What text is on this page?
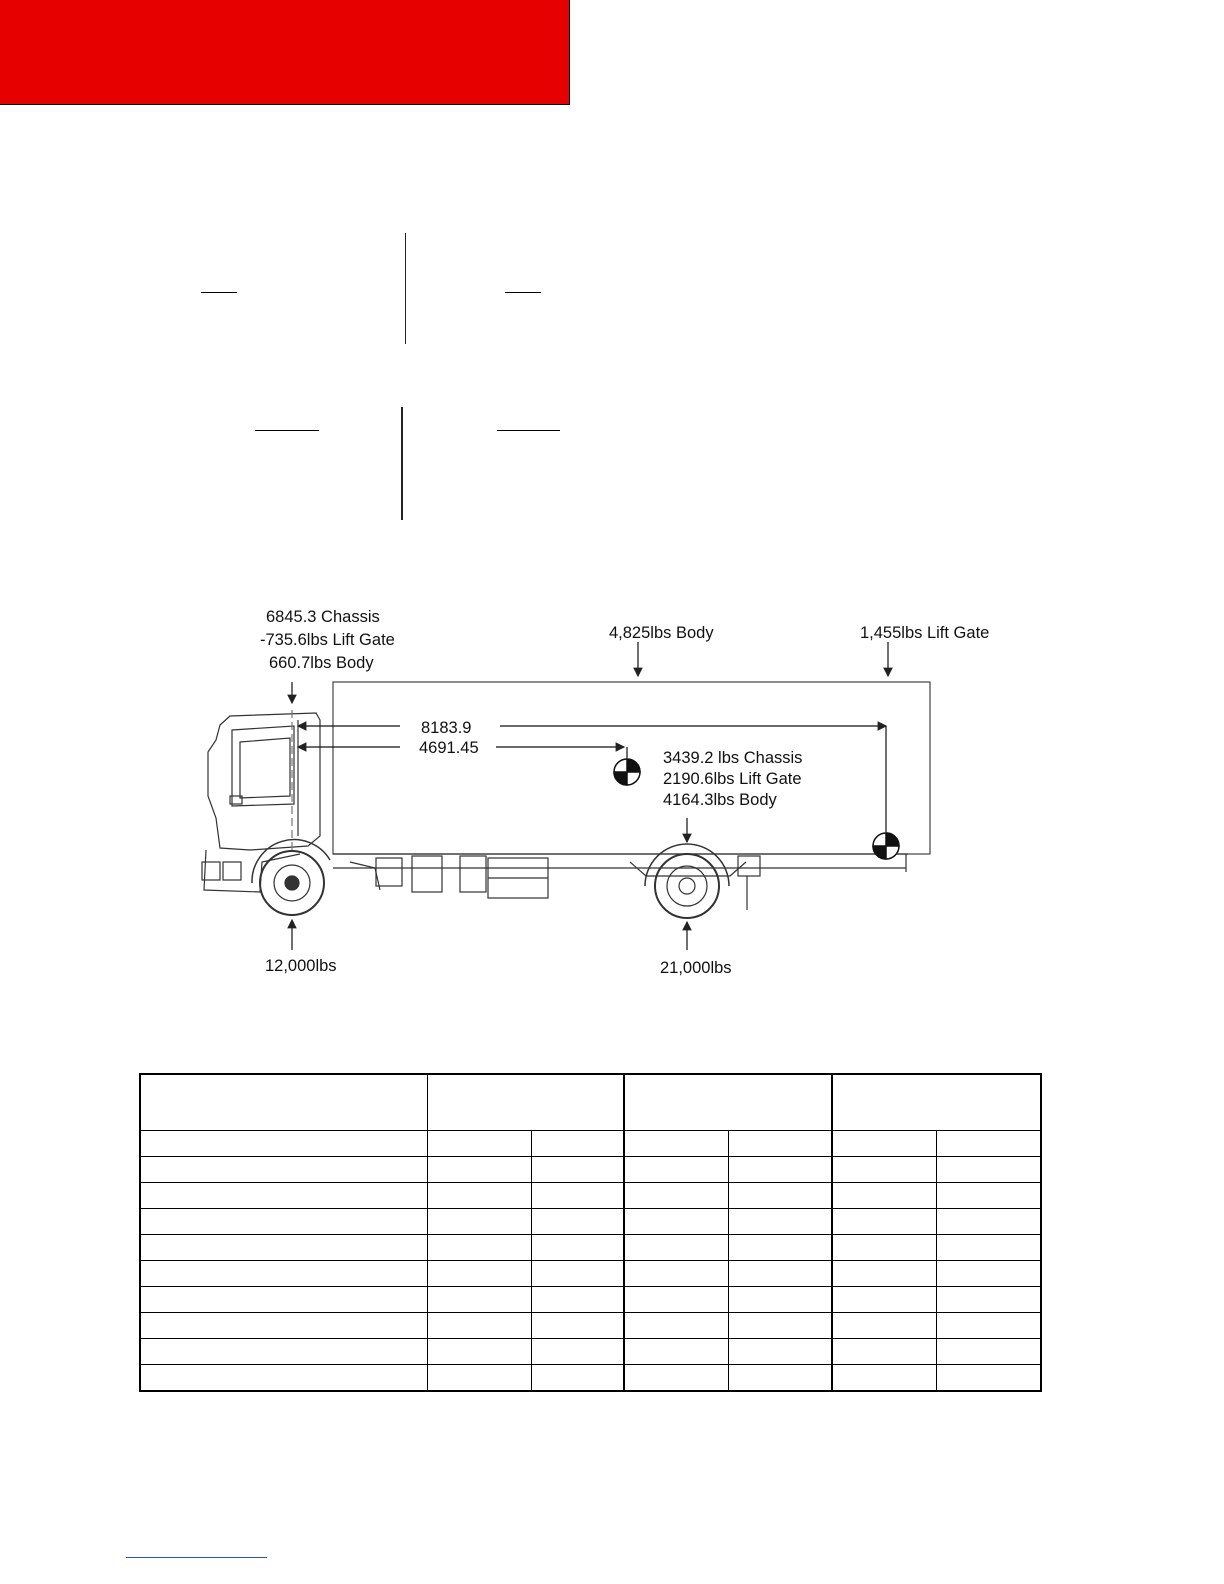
6845.3 Chassis
-735.6lbs Lift Gate
660.7lbs Body
4,825lbs Body	1,455lbs Lift Gate
8183.9
4691.45
3439.2 lbs Chassis
2190.6lbs Lift Gate
4164.3lbs Body
12,000lbs	21,000lbs
